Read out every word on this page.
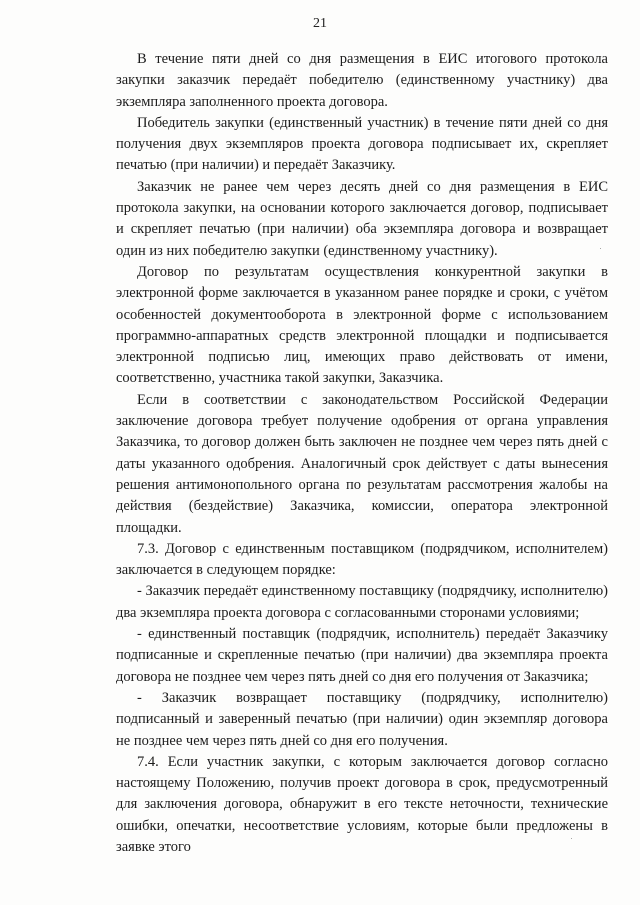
21

В течение пяти дней со дня размещения в ЕИС итогового протокола закупки заказчик передаёт победителю (единственному участнику) два экземпляра заполненного проекта договора.

Победитель закупки (единственный участник) в течение пяти дней со дня получения двух экземпляров проекта договора подписывает их, скрепляет печатью (при наличии) и передаёт Заказчику.

Заказчик не ранее чем через десять дней со дня размещения в ЕИС протокола закупки, на основании которого заключается договор, подписывает и скрепляет печатью (при наличии) оба экземпляра договора и возвращает один из них победителю закупки (единственному участнику).

Договор по результатам осуществления конкурентной закупки в электронной форме заключается в указанном ранее порядке и сроки, с учётом особенностей документооборота в электронной форме с использованием программно-аппаратных средств электронной площадки и подписывается электронной подписью лиц, имеющих право действовать от имени, соответственно, участника такой закупки, Заказчика.

Если в соответствии с законодательством Российской Федерации заключение договора требует получение одобрения от органа управления Заказчика, то договор должен быть заключен не позднее чем через пять дней с даты указанного одобрения. Аналогичный срок действует с даты вынесения решения антимонопольного органа по результатам рассмотрения жалобы на действия (бездействие) Заказчика, комиссии, оператора электронной площадки.

7.3. Договор с единственным поставщиком (подрядчиком, исполнителем) заключается в следующем порядке:

- Заказчик передаёт единственному поставщику (подрядчику, исполнителю) два экземпляра проекта договора с согласованными сторонами условиями;

- единственный поставщик (подрядчик, исполнитель) передаёт Заказчику подписанные и скрепленные печатью (при наличии) два экземпляра проекта договора не позднее чем через пять дней со дня его получения от Заказчика;

- Заказчик возвращает поставщику (подрядчику, исполнителю) подписанный и заверенный печатью (при наличии) один экземпляр договора не позднее чем через пять дней со дня его получения.

7.4. Если участник закупки, с которым заключается договор согласно настоящему Положению, получив проект договора в срок, предусмотренный для заключения договора, обнаружит в его тексте неточности, технические ошибки, опечатки, несоответствие условиям, которые были предложены в заявке этого
